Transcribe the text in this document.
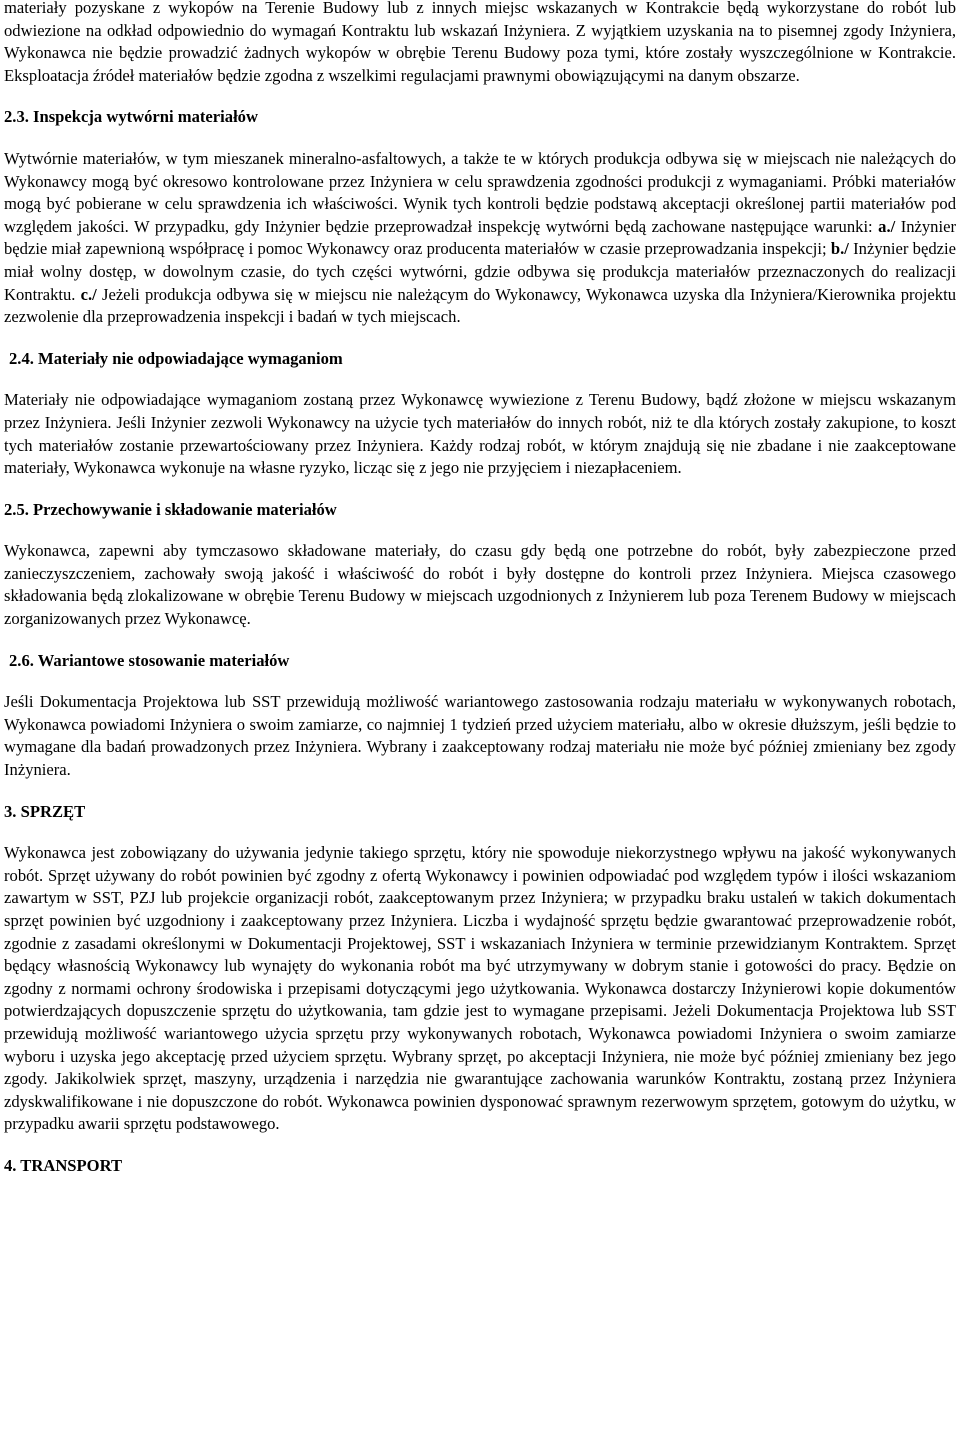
materiały pozyskane z wykopów na Terenie Budowy lub z innych miejsc wskazanych w Kontrakcie będą wykorzystane do robót lub odwiezione na odkład odpowiednio do wymagań Kontraktu lub wskazań Inżyniera. Z wyjątkiem uzyskania na to pisemnej zgody Inżyniera, Wykonawca nie będzie prowadzić żadnych wykopów w obrębie Terenu Budowy poza tymi, które zostały wyszczególnione w Kontrakcie. Eksploatacja źródeł materiałów będzie zgodna z wszelkimi regulacjami prawnymi obowiązującymi na danym obszarze.

2.3. Inspekcja wytwórni materiałów

Wytwórnie materiałów, w tym mieszanek mineralno-asfaltowych, a także te w których produkcja odbywa się w miejscach nie należących do Wykonawcy mogą być okresowo kontrolowane przez Inżyniera w celu sprawdzenia zgodności produkcji z wymaganiami. Próbki materiałów mogą być pobierane w celu sprawdzenia ich właściwości. Wynik tych kontroli będzie podstawą akceptacji określonej partii materiałów pod względem jakości. W przypadku, gdy Inżynier będzie przeprowadzał inspekcję wytwórni będą zachowane następujące warunki: a./ Inżynier będzie miał zapewnioną współpracę i pomoc Wykonawcy oraz producenta materiałów w czasie przeprowadzania inspekcji; b./ Inżynier będzie miał wolny dostęp, w dowolnym czasie, do tych części wytwórni, gdzie odbywa się produkcja materiałów przeznaczonych do realizacji Kontraktu. c./ Jeżeli produkcja odbywa się w miejscu nie należącym do Wykonawcy, Wykonawca uzyska dla Inżyniera/Kierownika projektu zezwolenie dla przeprowadzenia inspekcji i badań w tych miejscach.

2.4. Materiały nie odpowiadające wymaganiom

Materiały nie odpowiadające wymaganiom zostaną przez Wykonawcę wywiezione z Terenu Budowy, bądź złożone w miejscu wskazanym przez Inżyniera. Jeśli Inżynier zezwoli Wykonawcy na użycie tych materiałów do innych robót, niż te dla których zostały zakupione, to koszt tych materiałów zostanie przewartościowany przez Inżyniera. Każdy rodzaj robót, w którym znajdują się nie zbadane i nie zaakceptowane materiały, Wykonawca wykonuje na własne ryzyko, licząc się z jego nie przyjęciem i niezapłaceniem.

2.5. Przechowywanie i składowanie materiałów

Wykonawca, zapewni aby tymczasowo składowane materiały, do czasu gdy będą one potrzebne do robót, były zabezpieczone przed zanieczyszczeniem, zachowały swoją jakość i właściwość do robót i były dostępne do kontroli przez Inżyniera. Miejsca czasowego składowania będą zlokalizowane w obrębie Terenu Budowy w miejscach uzgodnionych z Inżynierem lub poza Terenem Budowy w miejscach zorganizowanych przez Wykonawcę.

2.6. Wariantowe stosowanie materiałów

Jeśli Dokumentacja Projektowa lub SST przewidują możliwość wariantowego zastosowania rodzaju materiału w wykonywanych robotach, Wykonawca powiadomi Inżyniera o swoim zamiarze, co najmniej 1 tydzień przed użyciem materiału, albo w okresie dłuższym, jeśli będzie to wymagane dla badań prowadzonych przez Inżyniera. Wybrany i zaakceptowany rodzaj materiału nie może być później zmieniany bez zgody Inżyniera.

3. SPRZĘT

Wykonawca jest zobowiązany do używania jedynie takiego sprzętu, który nie spowoduje niekorzystnego wpływu na jakość wykonywanych robót. Sprzęt używany do robót powinien być zgodny z ofertą Wykonawcy i powinien odpowiadać pod względem typów i ilości wskazaniom zawartym w SST, PZJ lub projekcie organizacji robót, zaakceptowanym przez Inżyniera; w przypadku braku ustaleń w takich dokumentach sprzęt powinien być uzgodniony i zaakceptowany przez Inżyniera. Liczba i wydajność sprzętu będzie gwarantować przeprowadzenie robót, zgodnie z zasadami określonymi w Dokumentacji Projektowej, SST i wskazaniach Inżyniera w terminie przewidzianym Kontraktem. Sprzęt będący własnością Wykonawcy lub wynajęty do wykonania robót ma być utrzymywany w dobrym stanie i gotowości do pracy. Będzie on zgodny z normami ochrony środowiska i przepisami dotyczącymi jego użytkowania. Wykonawca dostarczy Inżynierowi kopie dokumentów potwierdzających dopuszczenie sprzętu do użytkowania, tam gdzie jest to wymagane przepisami. Jeżeli Dokumentacja Projektowa lub SST przewidują możliwość wariantowego użycia sprzętu przy wykonywanych robotach, Wykonawca powiadomi Inżyniera o swoim zamiarze wyboru i uzyska jego akceptację przed użyciem sprzętu. Wybrany sprzęt, po akceptacji Inżyniera, nie może być później zmieniany bez jego zgody. Jakikolwiek sprzęt, maszyny, urządzenia i narzędzia nie gwarantujące zachowania warunków Kontraktu, zostaną przez Inżyniera zdyskwalifikowane i nie dopuszczone do robót. Wykonawca powinien dysponować sprawnym rezerwowym sprzętem, gotowym do użytku, w przypadku awarii sprzętu podstawowego.

4. TRANSPORT
